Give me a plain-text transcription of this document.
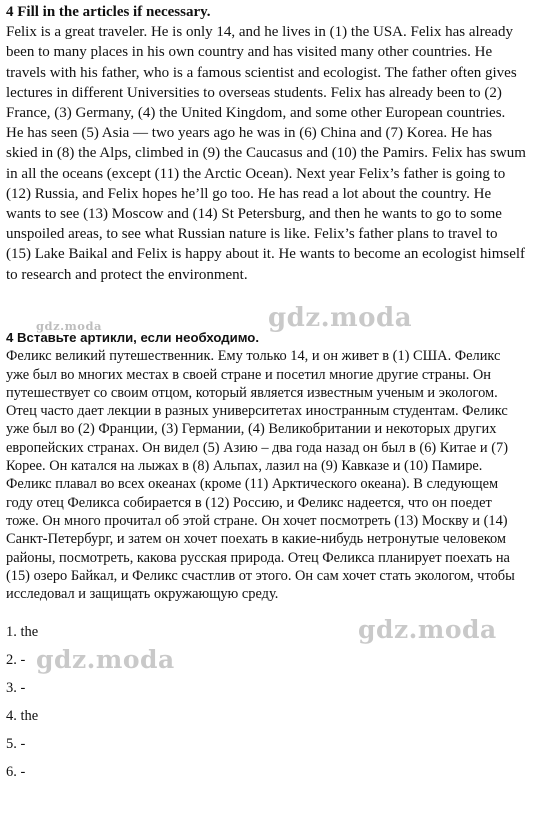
4 Fill in the articles if necessary.

Felix is a great traveler. He is only 14, and he lives in (1) the USA. Felix has already been to many places in his own country and has visited many other countries. He travels with his father, who is a famous scientist and ecologist. The father often gives lectures in different Universities to overseas students. Felix has already been to (2) France, (3) Germany, (4) the United Kingdom, and some other European countries. He has seen (5) Asia — two years ago he was in (6) China and (7) Korea. He has skied in (8) the Alps, climbed in (9) the Caucasus and (10) the Pamirs. Felix has swum in all the oceans (except (11) the Arctic Ocean). Next year Felix’s father is going to (12) Russia, and Felix hopes he’ll go too. He has read a lot about the country. He wants to see (13) Moscow and (14) St Petersburg, and then he wants to go to some unspoiled areas, to see what Russian nature is like. Felix’s father plans to travel to (15) Lake Baikal and Felix is happy about it. He wants to become an ecologist himself to research and protect the environment.

4 Вставьте артикли, если необходимо.

Феликс великий путешественник. Ему только 14, и он живет в (1) США. Феликс уже был во многих местах в своей стране и посетил многие другие страны. Он путешествует со своим отцом, который является известным ученым и экологом. Отец часто дает лекции в разных университетах иностранным студентам. Феликс уже был во (2) Франции, (3) Германии, (4) Великобритании и некоторых других европейских странах. Он видел (5) Азию – два года назад он был в (6) Китае и (7) Корее. Он катался на лыжах в (8) Альпах, лазил на (9) Кавказе и (10) Памире. Феликс плавал во всех океанах (кроме (11) Арктического океана). В следующем году отец Феликса собирается в (12) Россию, и Феликс надеется, что он поедет тоже. Он много прочитал об этой стране. Он хочет посмотреть (13) Москву и (14) Санкт-Петербург, и затем он хочет поехать в какие-нибудь нетронутые человеком районы, посмотреть, какова русская природа. Отец Феликса планирует поехать на (15) озеро Байкал, и Феликс счастлив от этого. Он сам хочет стать экологом, чтобы исследовал и защищать окружающую среду.

1. the
2. -
3. -
4. the
5. -
6. -
gdz.moda
gdz.moda
gdz.moda
gdz.moda
